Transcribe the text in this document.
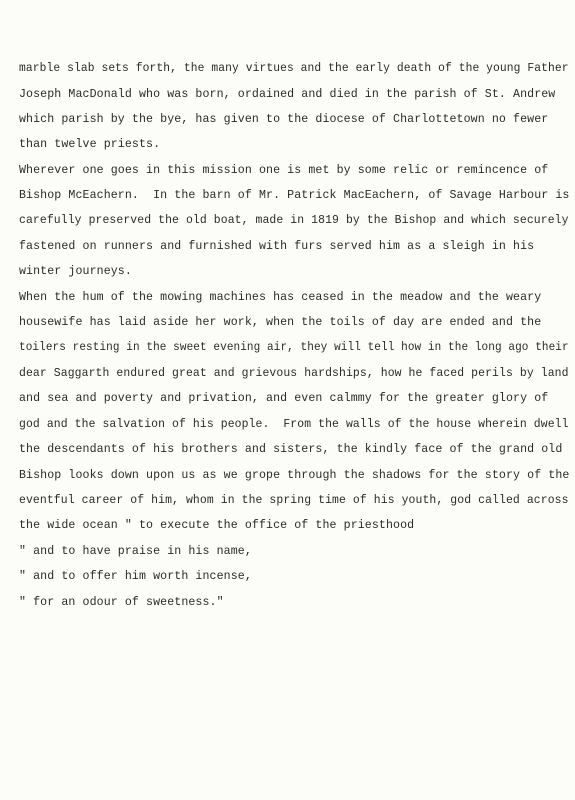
marble slab sets forth, the many virtues and the early death of the young Father
Joseph MacDonald who was born, ordained and died in the parish of St. Andrew
which parish by the bye, has given to the diocese of Charlottetown no fewer
than twelve priests.
Wherever one goes in this mission one is met by some relic or remincence of
Bishop McEachern.  In the barn of Mr. Patrick MacEachern, of Savage Harbour is
carefully preserved the old boat, made in 1819 by the Bishop and which securely
fastened on runners and furnished with furs served him as a sleigh in his
winter journeys.
When the hum of the mowing machines has ceased in the meadow and the weary
housewife has laid aside her work, when the toils of day are ended and the
toilers resting in the sweet evening air, they will tell how in the long ago their
dear Saggarth endured great and grievous hardships, how he faced perils by land
and sea and poverty and privation, and even calmmy for the greater glory of
god and the salvation of his people.  From the walls of the house wherein dwell
the descendants of his brothers and sisters, the kindly face of the grand old
Bishop looks down upon us as we grope through the shadows for the story of the
eventful career of him, whom in the spring time of his youth, god called across
the wide ocean " to execute the office of the priesthood
" and to have praise in his name,
" and to offer him worth incense,
" for an odour of sweetness."
